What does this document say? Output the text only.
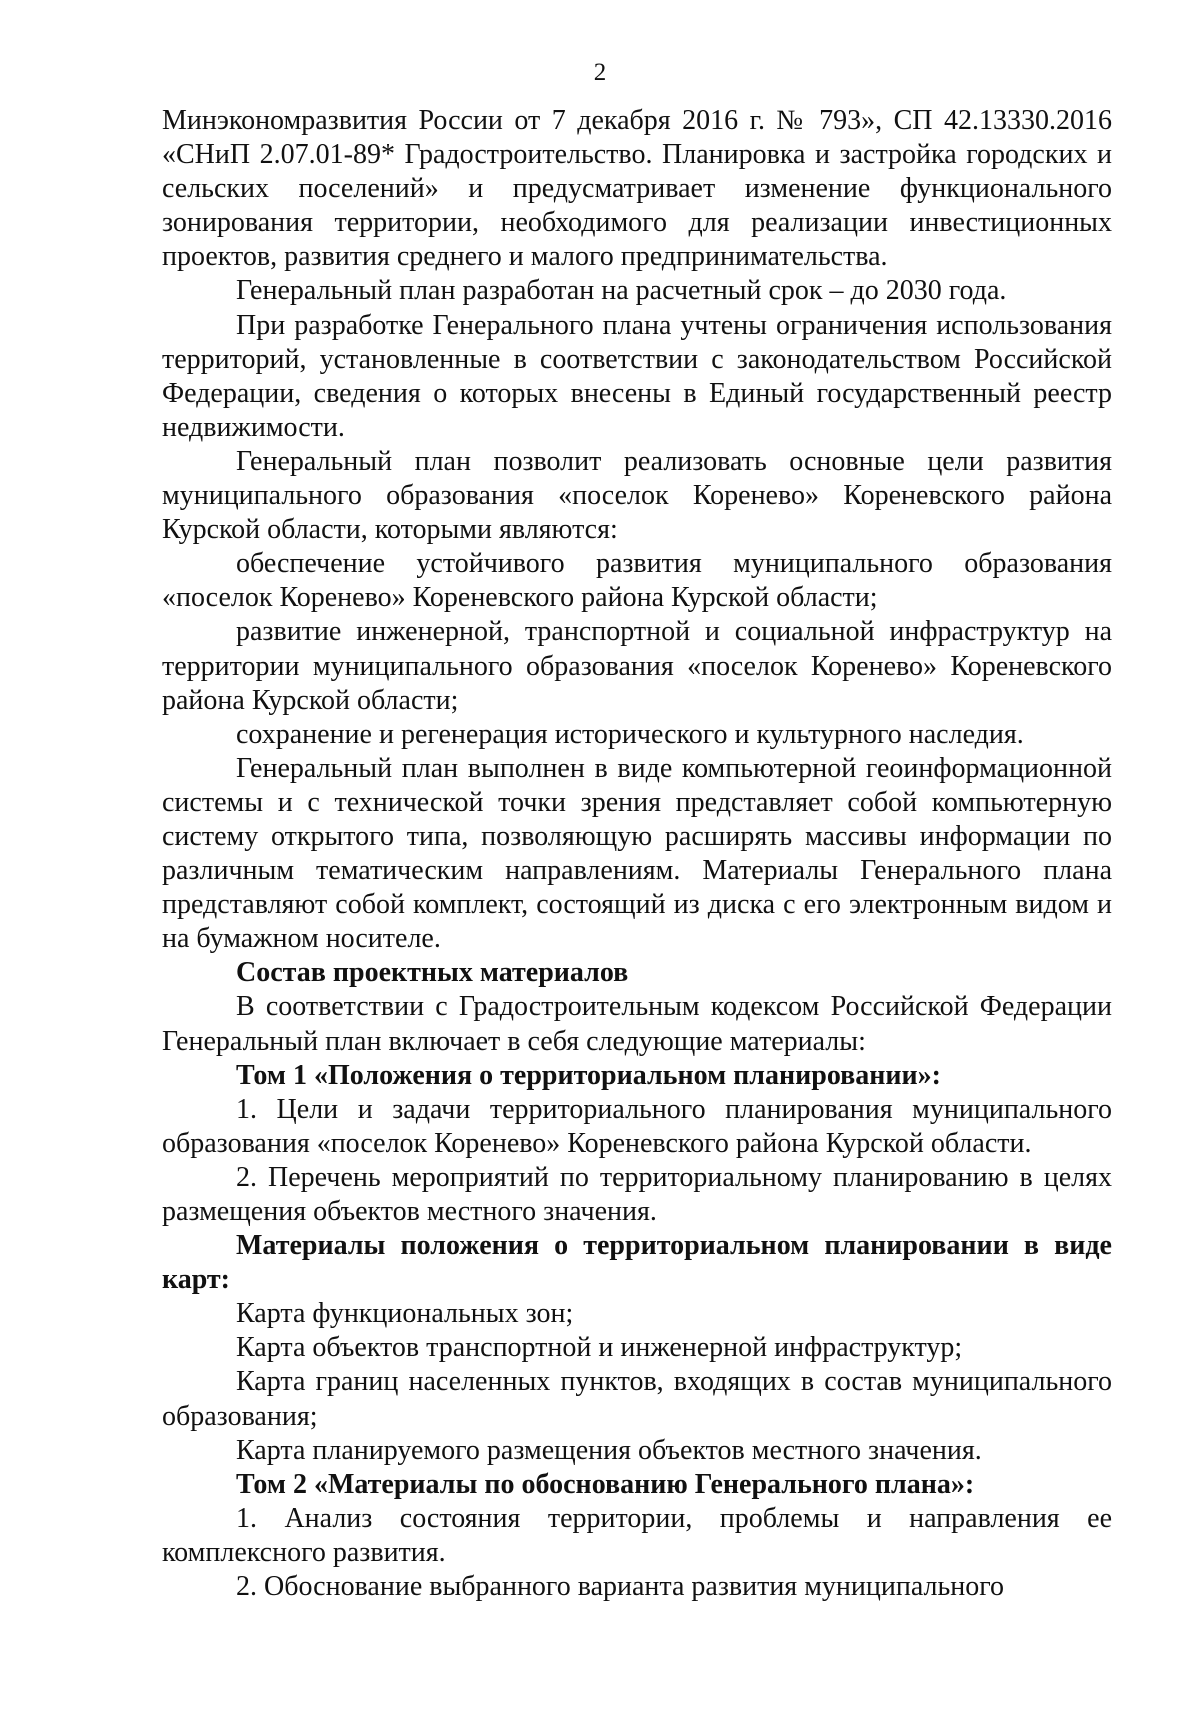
2

Минэкономразвития России от 7 декабря 2016 г. № 793», СП 42.13330.2016 «СНиП 2.07.01-89* Градостроительство. Планировка и застройка городских и сельских поселений» и предусматривает изменение функционального зонирования территории, необходимого для реализации инвестиционных проектов, развития среднего и малого предпринимательства.

Генеральный план разработан на расчетный срок – до 2030 года.

При разработке Генерального плана учтены ограничения использования территорий, установленные в соответствии с законодательством Российской Федерации, сведения о которых внесены в Единый государственный реестр недвижимости.

Генеральный план позволит реализовать основные цели развития муниципального образования «поселок Коренево» Кореневского района Курской области, которыми являются:

обеспечение устойчивого развития муниципального образования «поселок Коренево» Кореневского района Курской области;

развитие инженерной, транспортной и социальной инфраструктур на территории муниципального образования «поселок Коренево» Кореневского района Курской области;

сохранение и регенерация исторического и культурного наследия.

Генеральный план выполнен в виде компьютерной геоинформационной системы и с технической точки зрения представляет собой компьютерную систему открытого типа, позволяющую расширять массивы информации по различным тематическим направлениям. Материалы Генерального плана представляют собой комплект, состоящий из диска с его электронным видом и на бумажном носителе.

Состав проектных материалов

В соответствии с Градостроительным кодексом Российской Федерации Генеральный план включает в себя следующие материалы:

Том 1 «Положения о территориальном планировании»:

1. Цели и задачи территориального планирования муниципального образования «поселок Коренево» Кореневского района Курской области.

2. Перечень мероприятий по территориальному планированию в целях размещения объектов местного значения.

Материалы положения о территориальном планировании в виде карт:

Карта функциональных зон;

Карта объектов транспортной и инженерной инфраструктур;

Карта границ населенных пунктов, входящих в состав муниципального образования;

Карта планируемого размещения объектов местного значения.

Том 2 «Материалы по обоснованию Генерального плана»:

1. Анализ состояния территории, проблемы и направления ее комплексного развития.

2. Обоснование выбранного варианта развития муниципального
